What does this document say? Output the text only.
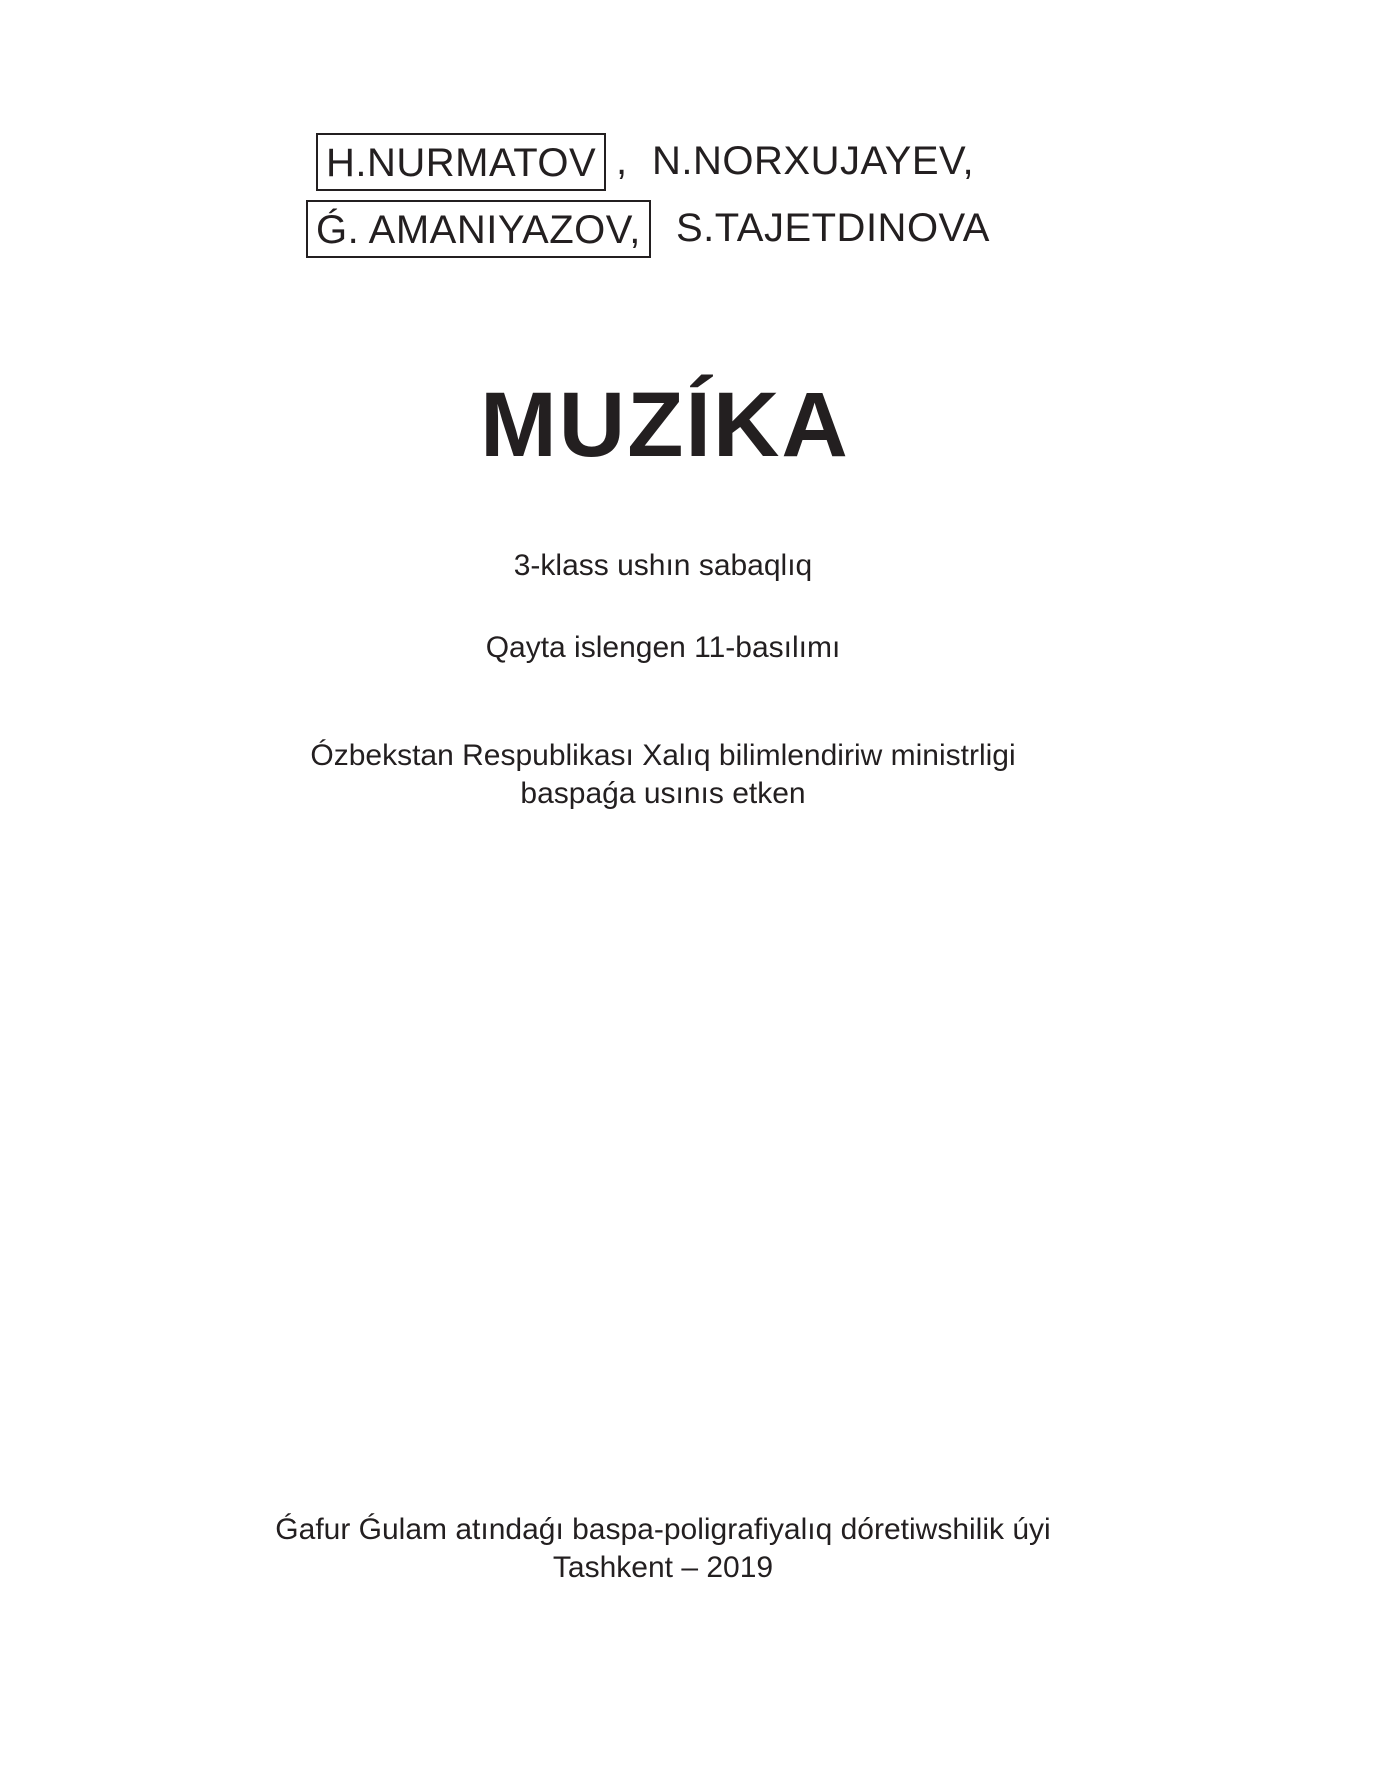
H.NURMATOV , N.NORXUJAYEV,
Ǵ. AMANIYAZOV, S.TAJETDINOVA
MUZÍKA
3-klass ushın sabaqlıq
Qayta islengen 11-basılımı
Ózbekstan Respublikası Xalıq bilimlendiriw ministrligi
baspaǵa usınıs etken
Ǵafur Ǵulam atındaǵı baspa-poligrafiyalıq dóretiwshilik úyi
Tashkent – 2019
